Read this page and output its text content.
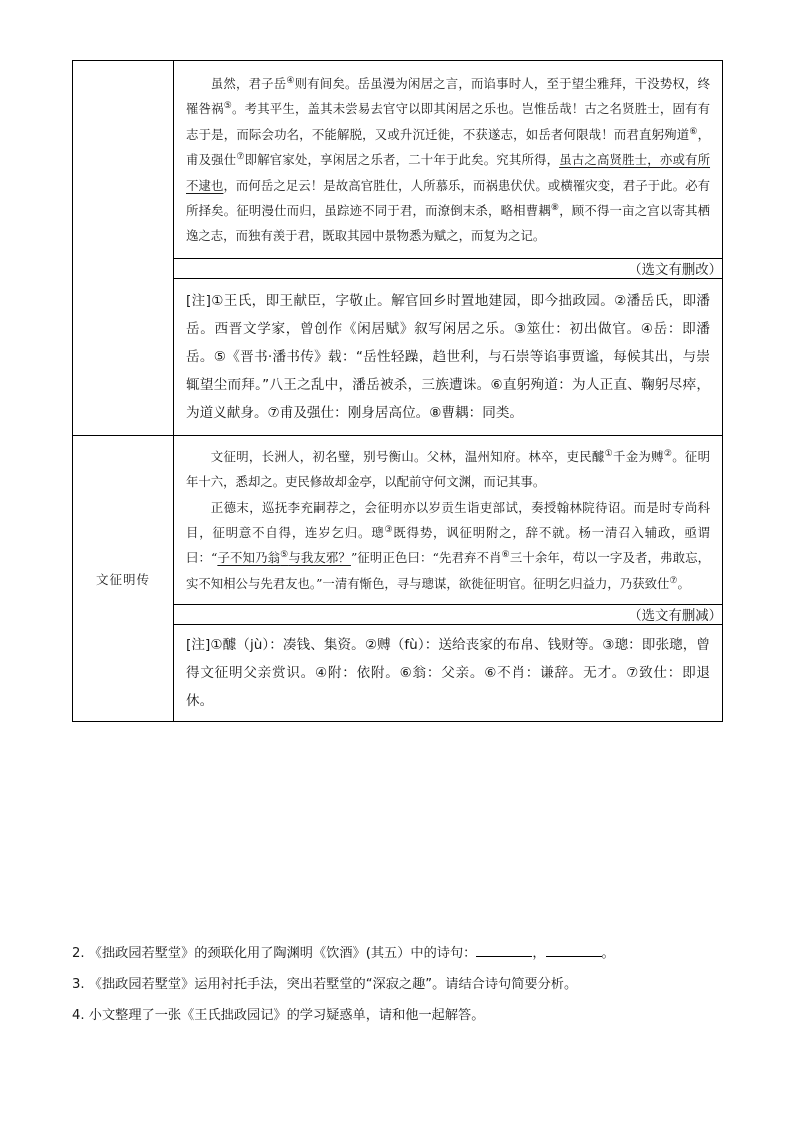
	虽然，君子岳④则有间矣。岳虽漫为闲居之言，而谄事时人，至于望尘雅拜，干没势权，终罹咎祸⑤。考其平生，盖其未尝易去官守以即其闲居之乐也。岂惟岳哉！古之名贤胜士，固有有志于是，而际会功名，不能解脱，又或升沉迁徙，不获遂志，如岳者何限哉！而君直躬殉道⑥，甫及强仕⑦即解官家处，享闲居之乐者，二十年于此矣。究其所得，虽古之高贤胜士，亦或有所不逮也，而何岳之足云！是故高官胜仕，人所慕乐，而祸患伏伏。或横罹灾变，君子于此。必有所择矣。征明漫仕而归，虽踪迹不同于君，而潦倒末杀，略相曹耦⑧，顾不得一亩之宫以寄其栖逸之志，而独有羡于君，既取其园中景物悉为赋之，而复为之记。

	（选文有删改）

	[注]①王氏，即王献臣，字敬止。解官回乡时置地建园，即今拙政园。②潘岳氏，即潘岳。西晋文学家，曾创作《闲居赋》叙写闲居之乐。③筮仕：初出做官。④岳：即潘岳。⑤《晋书·潘书传》载：“岳性轻躁，趋世利，与石崇等谄事贾谧，每候其出，与崇辄望尘而拜。”八王之乱中，潘岳被杀，三族遭诛。⑥直躬殉道：为人正直、鞠躬尽瘁，为道义献身。⑦甫及强仕：刚身居高位。⑧曹耦：同类。

文征明传	文征明，长洲人，初名璧，别号衡山。父林，温州知府。林卒，吏民醵①千金为赙②。征明年十六，悉却之。吏民修故却金亭，以配前守何文渊，而记其事。

正德末，巡抚李充嗣荐之，会征明亦以岁贡生诣吏部试，奏授翰林院待诏。而是时专尚科目，征明意不自得，连岁乞归。璁③既得势，讽征明附之，辞不就。杨一清召入辅政，亟谓曰：“子不知乃翁⑤与我友邪？”征明正色曰：“先君弃不肖⑥三十余年，苟以一字及者，弗敢忘，实不知相公与先君友也。”一清有惭色，寻与璁谋，欲徙征明官。征明乞归益力，乃获致仕⑦。

	（选文有删减）

	[注]①醵（jù）：凑钱、集资。②赙（fù）：送给丧家的布帛、钱财等。③璁：即张璁，曾得文征明父亲赏识。④附：依附。⑥翁：父亲。⑥不肖：谦辞。无才。⑦致仕：即退休。

2. 《拙政园若墅堂》的颈联化用了陶渊明《饮酒》(其五）中的诗句：	，	。

3. 《拙政园若墅堂》运用衬托手法，突出若墅堂的“深寂之趣”。请结合诗句简要分析。

4. 小文整理了一张《王氏拙政园记》的学习疑惑单，请和他一起解答。
